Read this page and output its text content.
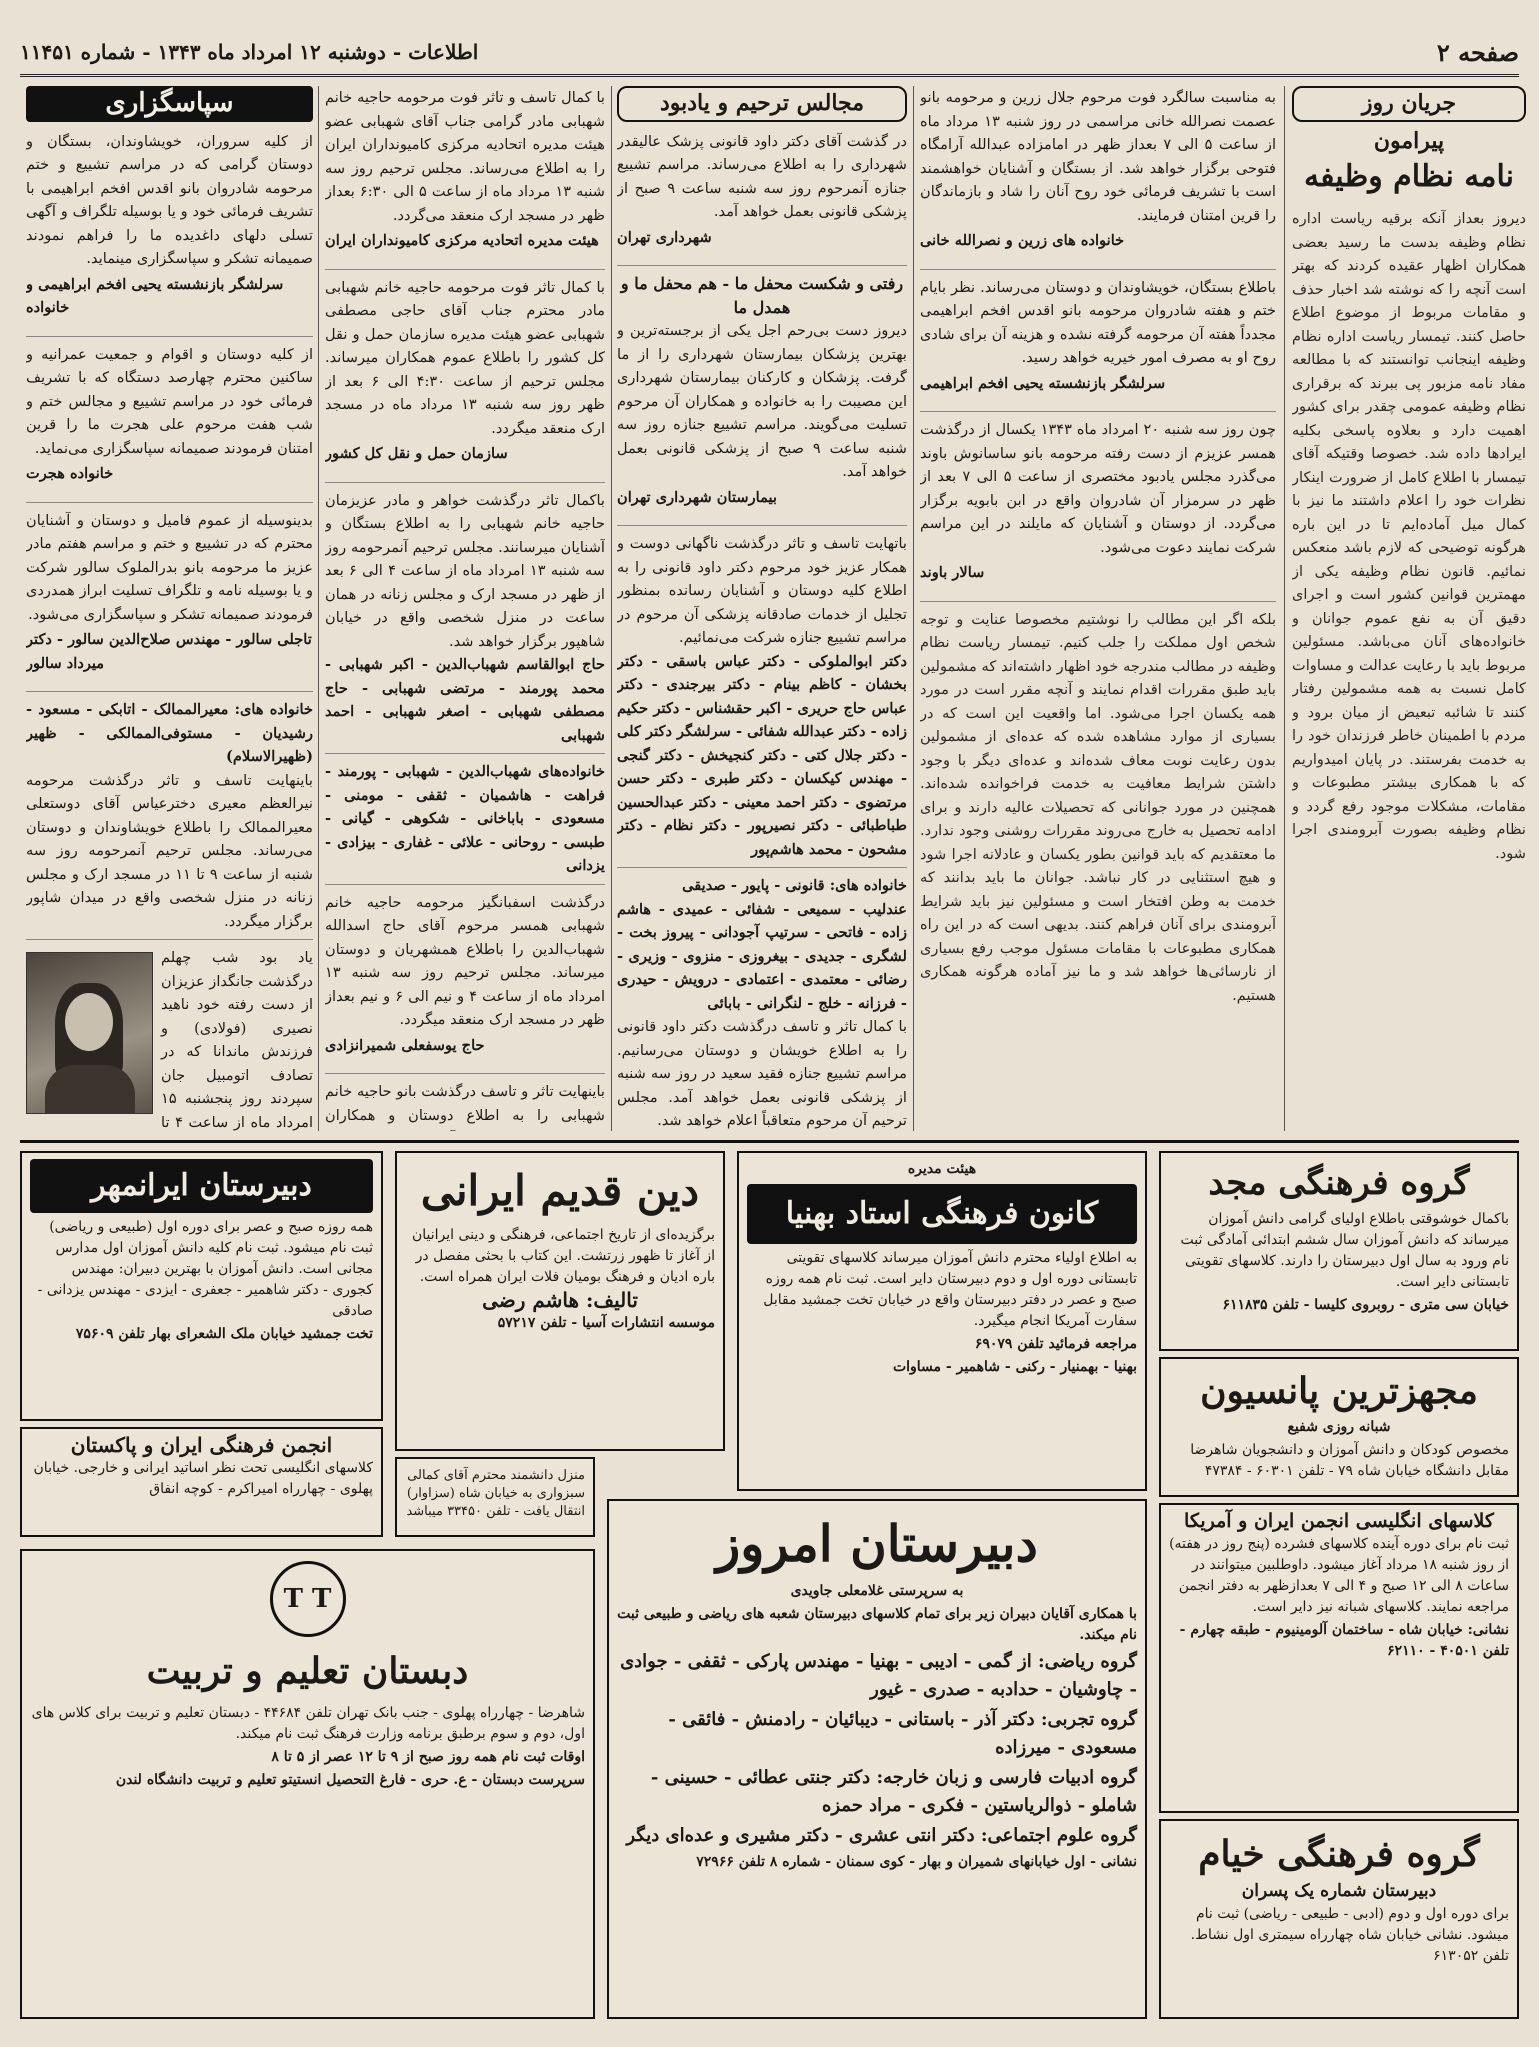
صفحه ۲
اطلاعات - دوشنبه ۱۲ امرداد ماه ۱۳۴۳ - شماره ۱۱۴۵۱
جریان روز
پیرامون
نامه نظام وظیفه
دیروز بعداز آنکه برقیه ریاست اداره نظام وظیفه بدست ما رسید بعضی همکاران اظهار عقیده کردند که بهتر است آنچه را که نوشته شد اخبار حذف و مقامات مربوط از موضوع اطلاع حاصل کنند. تیمسار ریاست اداره نظام وظیفه اینجانب توانستند که با مطالعه مفاد نامه مزبور پی ببرند که برقراری نظام وظیفه عمومی چقدر برای کشور اهمیت دارد و بعلاوه پاسخی بکلیه ایرادها داده شد. خصوصا وقتیکه آقای تیمسار با اطلاع کامل از ضرورت اینکار نظرات خود را اعلام داشتند ما نیز با کمال میل آماده‌ایم تا در این باره هرگونه توضیحی که لازم باشد منعکس نمائیم. قانون نظام وظیفه یکی از مهمترین قوانین کشور است و اجرای دقیق آن به نفع عموم جوانان و خانواده‌های آنان می‌باشد. مسئولین مربوط باید با رعایت عدالت و مساوات کامل نسبت به همه مشمولین رفتار کنند تا شائبه تبعیض از میان برود و مردم با اطمینان خاطر فرزندان خود را به خدمت بفرستند. در پایان امیدواریم که با همکاری بیشتر مطبوعات و مقامات، مشکلات موجود رفع گردد و نظام وظیفه بصورت آبرومندی اجرا شود.

به مناسبت سالگرد فوت مرحوم جلال زرین و مرحومه بانو عصمت نصرالله خانی مراسمی در روز شنبه ۱۳ مرداد ماه از ساعت ۵ الی ۷ بعداز ظهر در امامزاده عبدالله آرامگاه فتوحی برگزار خواهد شد. از بستگان و آشنایان خواهشمند است با تشریف فرمائی خود روح آنان را شاد و بازماندگان را قرین امتنان فرمایند.
خانواده های زرین و نصرالله خانی

باطلاع بستگان، خویشاوندان و دوستان می‌رساند. نظر بایام ختم و هفته شادروان مرحومه بانو اقدس افخم ابراهیمی مجدداً هفته آن مرحومه گرفته نشده و هزینه آن برای شادی روح او به مصرف امور خیریه خواهد رسید.
سرلشگر بازنشسته یحیی افخم ابراهیمی

چون روز سه شنبه ۲۰ امرداد ماه ۱۳۴۳ یکسال از درگذشت همسر عزیزم از دست رفته مرحومه بانو ساسانوش باوند می‌گذرد مجلس یادبود مختصری از ساعت ۵ الی ۷ بعد از ظهر در سرمزار آن شادروان واقع در ابن بابویه برگزار می‌گردد. از دوستان و آشنایان که مایلند در این مراسم شرکت نمایند دعوت می‌شود.
سالار باوند

بلکه اگر این مطالب را نوشتیم مخصوصا عنایت و توجه شخص اول مملکت را جلب کنیم. تیمسار ریاست نظام وظیفه در مطالب مندرجه خود اظهار داشته‌اند که مشمولین باید طبق مقررات اقدام نمایند و آنچه مقرر است در مورد همه یکسان اجرا می‌شود. اما واقعیت این است که در بسیاری از موارد مشاهده شده که عده‌ای از مشمولین بدون رعایت نوبت معاف شده‌اند و عده‌ای دیگر با وجود داشتن شرایط معافیت به خدمت فراخوانده شده‌اند. همچنین در مورد جوانانی که تحصیلات عالیه دارند و برای ادامه تحصیل به خارج می‌روند مقررات روشنی وجود ندارد. ما معتقدیم که باید قوانین بطور یکسان و عادلانه اجرا شود و هیچ استثنایی در کار نباشد. جوانان ما باید بدانند که خدمت به وطن افتخار است و مسئولین نیز باید شرایط آبرومندی برای آنان فراهم کنند. بدیهی است که در این راه همکاری مطبوعات با مقامات مسئول موجب رفع بسیاری از نارسائی‌ها خواهد شد و ما نیز آماده هرگونه همکاری هستیم.
مجالس ترحیم و یادبود

در گذشت آقای دکتر داود قانونی پزشک عالیقدر شهرداری را به اطلاع می‌رساند. مراسم تشییع جنازه آنمرحوم روز سه شنبه ساعت ۹ صبح از پزشکی قانونی بعمل خواهد آمد.
شهرداری تهران

رفتی و شکست محفل ما - هم محفل ما و همدل ما

دیروز دست بی‌رحم اجل یکی از برجسته‌ترین و بهترین پزشکان بیمارستان شهرداری را از ما گرفت. پزشکان و کارکنان بیمارستان شهرداری این مصیبت را به خانواده و همکاران آن مرحوم تسلیت می‌گویند. مراسم تشییع جنازه روز سه شنبه ساعت ۹ صبح از پزشکی قانونی بعمل خواهد آمد.
بیمارستان شهرداری تهران

باتهایت تاسف و تاثر درگذشت ناگهانی دوست و همکار عزیز خود مرحوم دکتر داود قانونی را به اطلاع کلیه دوستان و آشنایان رسانده بمنظور تجلیل از خدمات صادقانه پزشکی آن مرحوم در مراسم تشییع جنازه شرکت می‌نمائیم.
دکتر ابوالملوکی - دکتر عباس باسقی - دکتر بخشان - کاظم بینام - دکتر بیرجندی - دکتر عباس حاج حریری - اکبر حقشناس - دکتر حکیم زاده - دکتر عبدالله شفائی - سرلشگر دکتر کلی - دکتر جلال کتی - دکتر کنجیخش - دکتر گنجی - مهندس کیکسان - دکتر طبری - دکتر حسن مرتضوی - دکتر احمد معینی - دکتر عبدالحسین طباطبائی - دکتر نصیرپور - دکتر نظام - دکتر مشحون - محمد هاشم‌پور

خانواده های: قانونی - پایور - صدیقی
عندلیب - سمیعی - شفائی - عمیدی - هاشم زاده - فاتحی - سرتیپ آجودانی - پیروز بخت - لشگری - جدیدی - بیغروزی - منزوی - وزیری - رضائی - معتمدی - اعتمادی - درویش - حیدری - فرزانه - خلج - لنگرانی - بابائی
با کمال تاثر و تاسف درگذشت دکتر داود قانونی را به اطلاع خویشان و دوستان می‌رسانیم. مراسم تشییع جنازه فقید سعید در روز سه شنبه از پزشکی قانونی بعمل خواهد آمد. مجلس ترحیم آن مرحوم متعاقباً اعلام خواهد شد.

با کمال تاسف و تاثر فوت مرحومه حاجیه خانم شهبابی مادر گرامی جناب آقای شهبابی عضو هیئت مدیره اتحادیه مرکزی کامیونداران ایران را به اطلاع می‌رساند. مجلس ترحیم روز سه شنبه ۱۳ مرداد ماه از ساعت ۵ الی ۶:۳۰ بعداز ظهر در مسجد ارک منعقد می‌گردد.
هیئت مدیره اتحادیه مرکزی کامیونداران ایران

با کمال تاثر فوت مرحومه حاجیه خانم شهبابی مادر محترم جناب آقای حاجی مصطفی شهبابی عضو هیئت مدیره سازمان حمل و نقل کل کشور را باطلاع عموم همکاران میرساند. مجلس ترحیم از ساعت ۴:۳۰ الی ۶ بعد از ظهر روز سه شنبه ۱۳ مرداد ماه در مسجد ارک منعقد میگردد.
سازمان حمل و نقل کل کشور

باکمال تاثر درگذشت خواهر و مادر عزیزمان حاجیه خانم شهبابی را به اطلاع بستگان و آشنایان میرسانند. مجلس ترحیم آنمرحومه روز سه شنبه ۱۳ امرداد ماه از ساعت ۴ الی ۶ بعد از ظهر در مسجد ارک و مجلس زنانه در همان ساعت در منزل شخصی واقع در خیابان شاهپور برگزار خواهد شد.
حاج ابوالقاسم شهباب‌الدین - اکبر شهبابی - محمد پورمند - مرتضی شهبابی - حاج مصطفی شهبابی - اصغر شهبابی - احمد شهبابی

خانواده‌های شهباب‌الدین - شهبابی - پورمند - فراهت - هاشمیان - ثقفی - مومنی - مسعودی - باباخانی - شکوهی - گیانی - طبسی - روحانی - علائی - غفاری - بیزادی - یزدانی

درگذشت اسفبانگیز مرحومه حاجیه خانم شهبابی همسر مرحوم آقای حاج اسدالله شهباب‌الدین را باطلاع همشهریان و دوستان میرساند. مجلس ترحیم روز سه شنبه ۱۳ امرداد ماه از ساعت ۴ و نیم الی ۶ و نیم بعداز ظهر در مسجد ارک منعقد میگردد.
حاج یوسفعلی شمیرانزادی

باینهایت تاثر و تاسف درگذشت بانو حاجیه خانم شهبابی را به اطلاع دوستان و همکاران

سپاسگزاری

از کلیه سروران، خویشاوندان، بستگان و دوستان گرامی که در مراسم تشییع و ختم مرحومه شادروان بانو اقدس افخم ابراهیمی با تشریف فرمائی خود و یا بوسیله تلگراف و آگهی تسلی دلهای داغدیده ما را فراهم نمودند صمیمانه تشکر و سپاسگزاری مینماید.
سرلشگر بازنشسته یحیی افخم ابراهیمی و خانواده

از کلیه دوستان و اقوام و جمعیت عمرانیه و ساکنین محترم چهارصد دستگاه که با تشریف فرمائی خود در مراسم تشییع و مجالس ختم و شب هفت مرحوم علی هجرت ما را قرین امتنان فرمودند صمیمانه سپاسگزاری می‌نماید.
خانواده هجرت

بدینوسیله از عموم فامیل و دوستان و آشنایان محترم که در تشییع و ختم و مراسم هفتم مادر عزیز ما مرحومه بانو بدرالملوک سالور شرکت و یا بوسیله نامه و تلگراف تسلیت ابراز همدردی فرمودند صمیمانه تشکر و سپاسگزاری می‌شود.
تاجلی سالور - مهندس صلاح‌الدین سالور - دکتر میرداد سالور

خانواده های: معیرالممالک - اتابکی - مسعود - رشیدیان - مستوفی‌الممالکی - ظهیر (ظهیرالاسلام)
باینهایت تاسف و تاثر درگذشت مرحومه نیرالعظم معیری دخترعیاس آقای دوستعلی معیرالممالک را باطلاع خویشاوندان و دوستان می‌رساند. مجلس ترحیم آنمرحومه روز سه شنبه از ساعت ۹ تا ۱۱ در مسجد ارک و مجلس زنانه در منزل شخصی واقع در میدان شاپور برگزار میگردد.

یاد بود شب چهلم درگذشت جانگداز عزیزان از دست رفته خود ناهید نصیری (فولادی) و فرزندش ماندانا که در تصادف اتومبیل جان سپردند روز پنجشنبه ۱۵ امرداد ماه از ساعت ۴ تا

گروه فرهنگی مجد

باکمال خوشوقتی باطلاع اولیای گرامی دانش آموزان میرساند که دانش آموزان سال ششم ابتدائی آمادگی ثبت نام ورود به سال اول دبیرستان را دارند. کلاسهای تقویتی تابستانی دایر است.

خیابان سی متری - روبروی کلیسا - تلفن ۶۱۱۸۳۵

مجهزترین پانسیون
شبانه روزی شفیع

مخصوص کودکان و دانش آموزان و دانشجویان شاهرضا مقابل دانشگاه خیابان شاه ۷۹ - تلفن ۶۰۳۰۱ - ۴۷۳۸۴

کلاسهای انگلیسی انجمن ایران و آمریکا

ثبت نام برای دوره آینده کلاسهای فشرده (پنج روز در هفته) از روز شنبه ۱۸ مرداد آغاز میشود. داوطلبین میتوانند در ساعات ۸ الی ۱۲ صبح و ۴ الی ۷ بعدازظهر به دفتر انجمن مراجعه نمایند. کلاسهای شبانه نیز دایر است.

نشانی: خیابان شاه - ساختمان آلومینیوم - طبقه چهارم - تلفن ۴۰۵۰۱ - ۶۲۱۱۰

گروه فرهنگی خیام
دبیرستان شماره یک پسران

برای دوره اول و دوم (ادبی - طبیعی - ریاضی) ثبت نام میشود. نشانی خیابان شاه چهارراه سیمتری اول نشاط. تلفن ۶۱۳۰۵۲

هیئت مدیره
کانون فرهنگی استاد بهنیا

به اطلاع اولیاء محترم دانش آموزان میرساند کلاسهای تقویتی تابستانی دوره اول و دوم دبیرستان دایر است. ثبت نام همه روزه صبح و عصر در دفتر دبیرستان واقع در خیابان تخت جمشید مقابل سفارت آمریکا انجام میگیرد.

مراجعه فرمائید تلفن ۶۹۰۷۹

بهنیا - بهمنیار - رکنی - شاهمیر - مساوات

دین قدیم ایرانی

برگزیده‌ای از تاریخ اجتماعی، فرهنگی و دینی ایرانیان از آغاز تا ظهور زرتشت. این کتاب با بحثی مفصل در باره ادیان و فرهنگ بومیان فلات ایران همراه است.

تالیف: هاشم رضی

موسسه انتشارات آسیا - تلفن ۵۷۲۱۷

دبیرستان ایرانمهر

همه روزه صبح و عصر برای دوره اول (طبیعی و ریاضی) ثبت نام میشود. ثبت نام کلیه دانش آموزان اول مدارس مجانی است. دانش آموزان با بهترین دبیران: مهندس کجوری - دکتر شاهمیر - جعفری - ایزدی - مهندس یزدانی - صادقی

تخت جمشید خیابان ملک الشعرای بهار تلفن ۷۵۶۰۹

انجمن فرهنگی ایران و پاکستان

کلاسهای انگلیسی تحت نظر اساتید ایرانی و خارجی. خیابان پهلوی - چهارراه امیراکرم - کوچه انفاق

منزل دانشمند محترم آقای کمالی سبزواری به خیابان شاه (سزاوار) انتقال یافت - تلفن ۳۳۴۵۰ میباشد

دبیرستان امروز
به سرپرستی غلامعلی جاویدی

با همکاری آقایان دبیران زیر برای تمام کلاسهای دبیرستان شعبه های ریاضی و طبیعی ثبت نام میکند.

گروه ریاضی: از گمی - ادیبی - بهنیا - مهندس پارکی - ثقفی - جوادی - چاوشیان - حدادبه - صدری - غیور

گروه تجربی: دکتر آذر - باستانی - دیبائیان - رادمنش - فائقی - مسعودی - میرزاده

گروه ادبیات فارسی و زبان خارجه: دکتر جنتی عطائی - حسینی - شاملو - ذوالریاستین - فکری - مراد حمزه

گروه علوم اجتماعی: دکتر انتی عشری - دکتر مشیری و عده‌ای دیگر

نشانی - اول خیابانهای شمیران و بهار - کوی سمنان - شماره ۸ تلفن ۷۲۹۶۶

T T
دبستان تعلیم و تربیت

شاهرضا - چهارراه پهلوی - جنب بانک تهران تلفن ۴۴۶۸۴ - دبستان تعلیم و تربیت برای کلاس های اول، دوم و سوم برطبق برنامه وزارت فرهنگ ثبت نام میکند.

اوقات ثبت نام همه روز صبح از ۹ تا ۱۲ عصر از ۵ تا ۸

سرپرست دبستان - ع. حری - فارغ التحصیل انستیتو تعلیم و تربیت دانشگاه لندن
